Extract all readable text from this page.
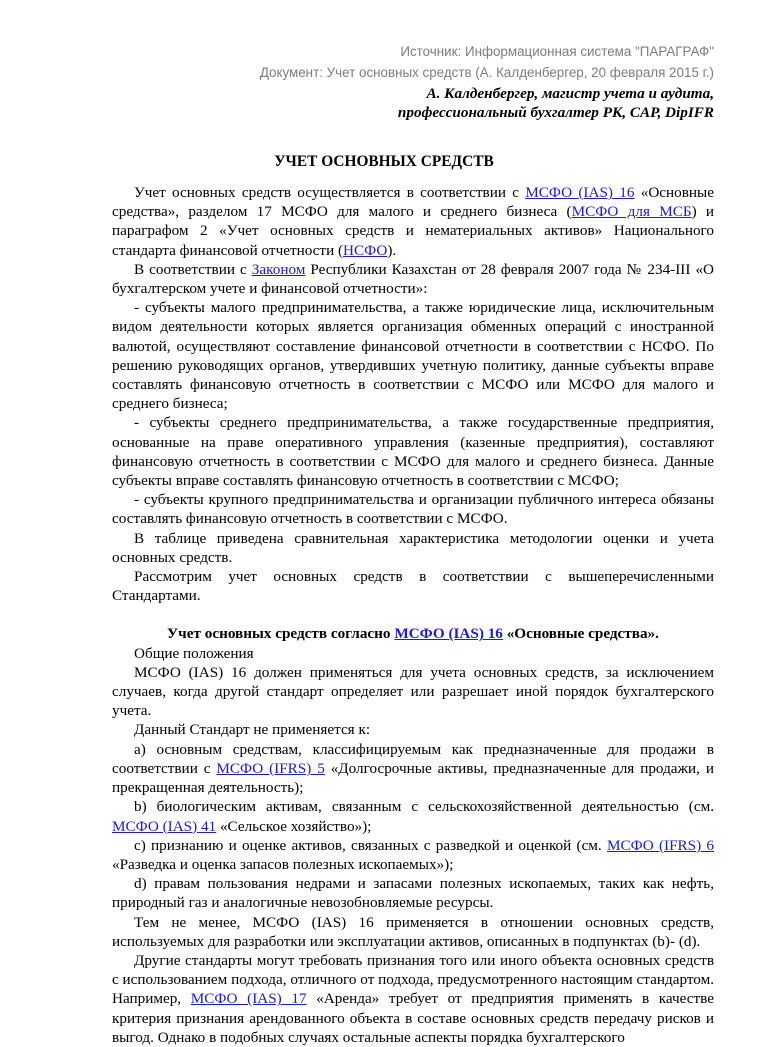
Источник: Информационная система "ПАРАГРАФ"
Документ: Учет основных средств (А. Калденбергер, 20 февраля 2015 г.)
А. Калденбергер, магистр учета и аудита,
профессиональный бухгалтер РК, CAP, DipIFR
УЧЕТ ОСНОВНЫХ СРЕДСТВ

Учет основных средств осуществляется в соответствии с МСФО (IAS) 16 «Основные средства», разделом 17 МСФО для малого и среднего бизнеса (МСФО для МСБ) и параграфом 2 «Учет основных средств и нематериальных активов» Национального стандарта финансовой отчетности (НСФО).

В соответствии с Законом Республики Казахстан от 28 февраля 2007 года № 234-III «О бухгалтерском учете и финансовой отчетности»:

- субъекты малого предпринимательства, а также юридические лица, исключительным видом деятельности которых является организация обменных операций с иностранной валютой, осуществляют составление финансовой отчетности в соответствии с НСФО. По решению руководящих органов, утвердивших учетную политику, данные субъекты вправе составлять финансовую отчетность в соответствии с МСФО или МСФО для малого и среднего бизнеса;

- субъекты среднего предпринимательства, а также государственные предприятия, основанные на праве оперативного управления (казенные предприятия), составляют финансовую отчетность в соответствии с МСФО для малого и среднего бизнеса. Данные субъекты вправе составлять финансовую отчетность в соответствии с МСФО;

- субъекты крупного предпринимательства и организации публичного интереса обязаны составлять финансовую отчетность в соответствии с МСФО.

В таблице приведена сравнительная характеристика методологии оценки и учета основных средств.

Рассмотрим учет основных средств в соответствии с вышеперечисленными Стандартами.

Учет основных средств согласно МСФО (IAS) 16 «Основные средства».

Общие положения

МСФО (IAS) 16 должен применяться для учета основных средств, за исключением случаев, когда другой стандарт определяет или разрешает иной порядок бухгалтерского учета.

Данный Стандарт не применяется к:

a) основным средствам, классифицируемым как предназначенные для продажи в соответствии с МСФО (IFRS) 5 «Долгосрочные активы, предназначенные для продажи, и прекращенная деятельность);

b) биологическим активам, связанным с сельскохозяйственной деятельностью (см. МСФО (IAS) 41 «Сельское хозяйство»);

c) признанию и оценке активов, связанных с разведкой и оценкой (см. МСФО (IFRS) 6 «Разведка и оценка запасов полезных ископаемых»);

d) правам пользования недрами и запасами полезных ископаемых, таких как нефть, природный газ и аналогичные невозобновляемые ресурсы.

Тем не менее, МСФО (IAS) 16 применяется в отношении основных средств, используемых для разработки или эксплуатации активов, описанных в подпунктах (b)- (d).

Другие стандарты могут требовать признания того или иного объекта основных средств с использованием подхода, отличного от подхода, предусмотренного настоящим стандартом. Например, МСФО (IAS) 17 «Аренда» требует от предприятия применять в качестве критерия признания арендованного объекта в составе основных средств передачу рисков и выгод. Однако в подобных случаях остальные аспекты порядка бухгалтерского
